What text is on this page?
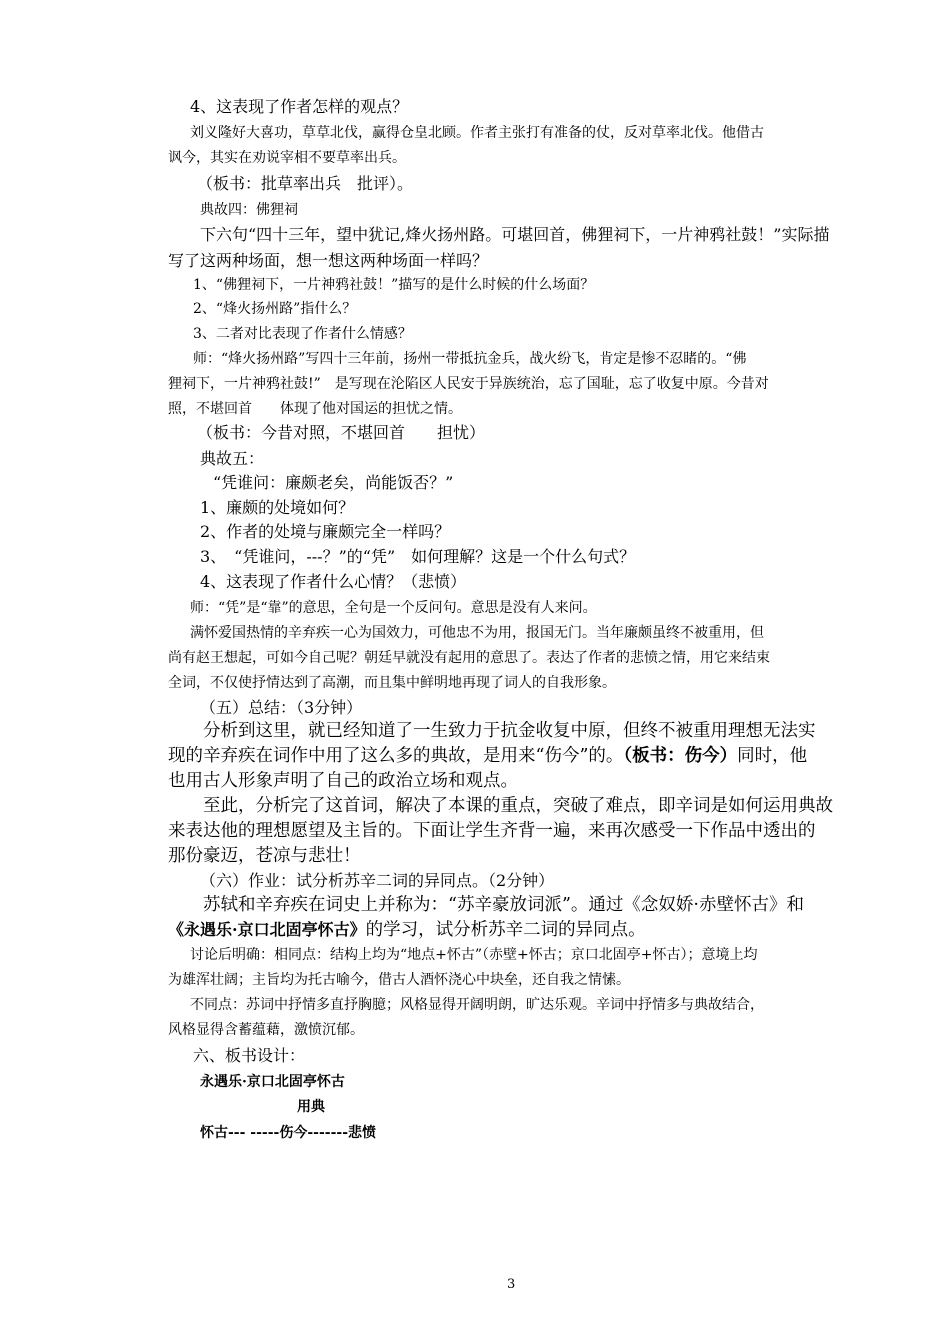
4、这表现了作者怎样的观点？
刘义隆好大喜功，草草北伐，赢得仓皇北顾。作者主张打有准备的仗，反对草率北伐。他借古
讽今，其实在劝说宰相不要草率出兵。
（板书：批草率出兵　批评）。
典故四：佛狸祠
下六句“四十三年，望中犹记,烽火扬州路。可堪回首，佛狸祠下，一片神鸦社鼓！”实际描
写了这两种场面，想一想这两种场面一样吗？
1、“佛狸祠下，一片神鸦社鼓！”描写的是什么时候的什么场面？
2、“烽火扬州路”指什么？
3、二者对比表现了作者什么情感？
师：“烽火扬州路”写四十三年前，扬州一带抵抗金兵，战火纷飞，肯定是惨不忍睹的。“佛
狸祠下，一片神鸦社鼓!”　是写现在沦陷区人民安于异族统治，忘了国耻，忘了收复中原。今昔对
照，不堪回首　　体现了他对国运的担忧之情。
（板书：今昔对照，不堪回首　　担忧）
典故五：
“凭谁问：廉颇老矣，尚能饭否？”
1、廉颇的处境如何？
2、作者的处境与廉颇完全一样吗？
3、　“凭谁问，---？”的“凭”　如何理解？这是一个什么句式？
4、这表现了作者什么心情？（悲愤）
师：“凭”是“靠”的意思，全句是一个反问句。意思是没有人来问。
满怀爱国热情的辛弃疾一心为国效力，可他忠不为用，报国无门。当年廉颇虽终不被重用，但
尚有赵王想起，可如今自己呢？朝廷早就没有起用的意思了。表达了作者的悲愤之情，用它来结束
全词，不仅使抒情达到了高潮，而且集中鲜明地再现了词人的自我形象。
（五）总结：（3分钟）
分析到这里，就已经知道了一生致力于抗金收复中原，但终不被重用理想无法实
现的辛弃疾在词作中用了这么多的典故，是用来“伤今”的。（板书：伤今）同时，他
也用古人形象声明了自己的政治立场和观点。
至此，分析完了这首词，解决了本课的重点，突破了难点，即辛词是如何运用典故
来表达他的理想愿望及主旨的。下面让学生齐背一遍，来再次感受一下作品中透出的
那份豪迈，苍凉与悲壮！
（六）作业：试分析苏辛二词的异同点。（2分钟）
苏轼和辛弃疾在词史上并称为：“苏辛豪放词派”。通过《念奴娇·赤壁怀古》和
《永遇乐·京口北固亭怀古》的学习，试分析苏辛二词的异同点。
讨论后明确：相同点：结构上均为“地点+怀古”（赤壁+怀古；京口北固亭+怀古）；意境上均
为雄浑壮阔；主旨均为托古喻今，借古人酒怀浇心中块垒，还自我之情愫。
不同点：苏词中抒情多直抒胸臆；风格显得开阔明朗，旷达乐观。辛词中抒情多与典故结合，
风格显得含蓄蕴藉，激愤沉郁。
六、板书设计：
永遇乐·京口北固亭怀古
用典
怀古--- -----伤今-------悲愤
3
